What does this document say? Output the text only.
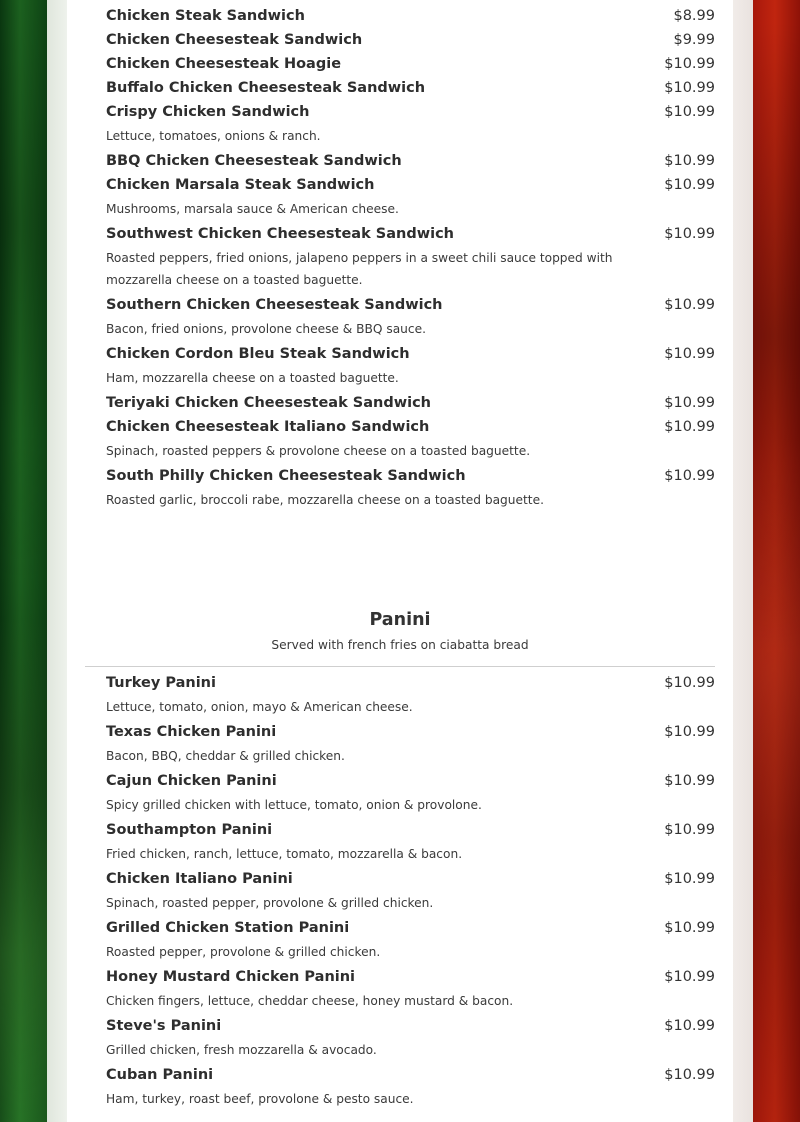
Chicken Steak Sandwich	$8.99
Chicken Cheesesteak Sandwich	$9.99
Chicken Cheesesteak Hoagie	$10.99
Buffalo Chicken Cheesesteak Sandwich	$10.99
Crispy Chicken Sandwich	$10.99
Lettuce, tomatoes, onions & ranch.
BBQ Chicken Cheesesteak Sandwich	$10.99
Chicken Marsala Steak Sandwich	$10.99
Mushrooms, marsala sauce & American cheese.
Southwest Chicken Cheesesteak Sandwich	$10.99
Roasted peppers, fried onions, jalapeno peppers in a sweet chili sauce topped with mozzarella cheese on a toasted baguette.
Southern Chicken Cheesesteak Sandwich	$10.99
Bacon, fried onions, provolone cheese & BBQ sauce.
Chicken Cordon Bleu Steak Sandwich	$10.99
Ham, mozzarella cheese on a toasted baguette.
Teriyaki Chicken Cheesesteak Sandwich	$10.99
Chicken Cheesesteak Italiano Sandwich	$10.99
Spinach, roasted peppers & provolone cheese on a toasted baguette.
South Philly Chicken Cheesesteak Sandwich	$10.99
Roasted garlic, broccoli rabe, mozzarella cheese on a toasted baguette.
Panini
Served with french fries on ciabatta bread
Turkey Panini	$10.99
Lettuce, tomato, onion, mayo & American cheese.
Texas Chicken Panini	$10.99
Bacon, BBQ, cheddar & grilled chicken.
Cajun Chicken Panini	$10.99
Spicy grilled chicken with lettuce, tomato, onion & provolone.
Southampton Panini	$10.99
Fried chicken, ranch, lettuce, tomato, mozzarella & bacon.
Chicken Italiano Panini	$10.99
Spinach, roasted pepper, provolone & grilled chicken.
Grilled Chicken Station Panini	$10.99
Roasted pepper, provolone & grilled chicken.
Honey Mustard Chicken Panini	$10.99
Chicken fingers, lettuce, cheddar cheese, honey mustard & bacon.
Steve's Panini	$10.99
Grilled chicken, fresh mozzarella & avocado.
Cuban Panini	$10.99
Ham, turkey, roast beef, provolone & pesto sauce.
